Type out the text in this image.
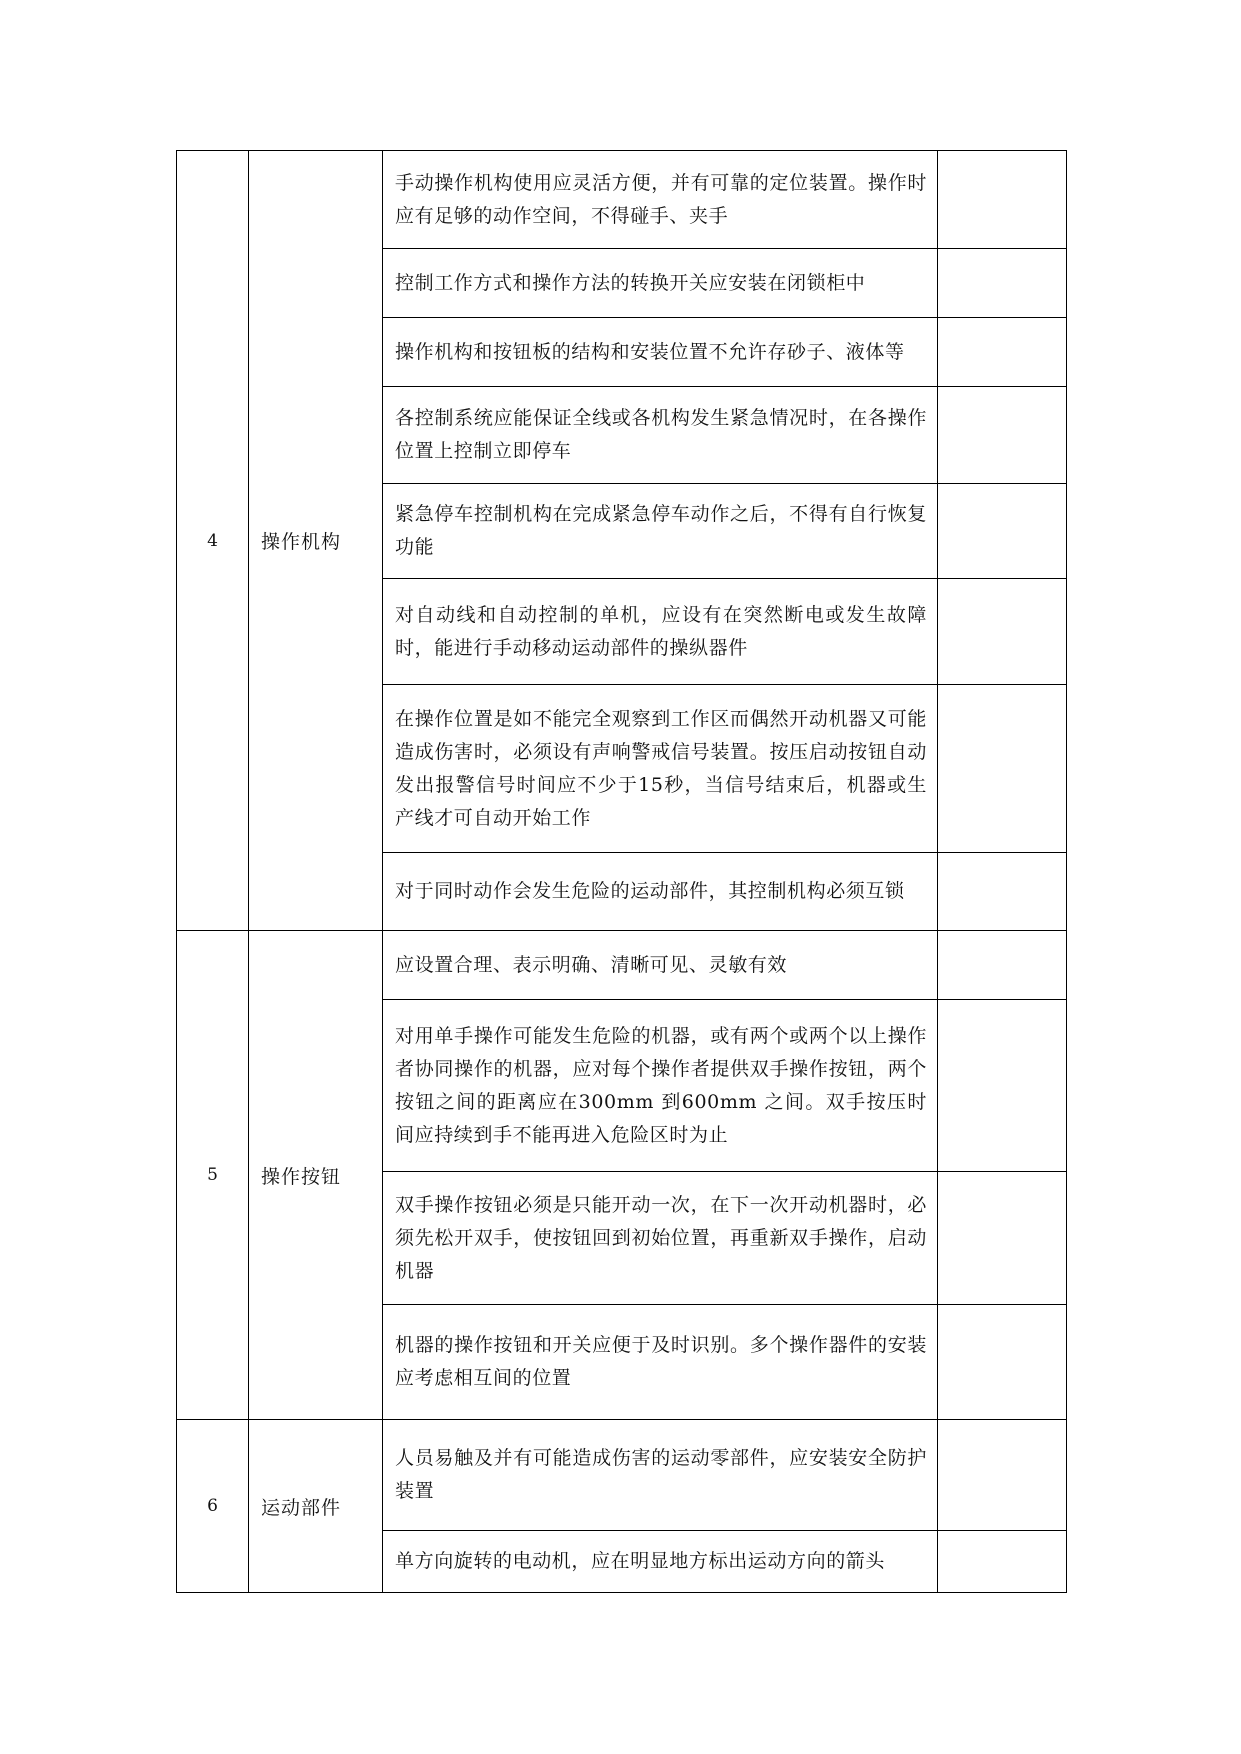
4	操作机构	手动操作机构使用应灵活方便，并有可靠的定位装置。操作时应有足够的动作空间，不得碰手、夹手	
		控制工作方式和操作方法的转换开关应安装在闭锁柜中	
		操作机构和按钮板的结构和安装位置不允许存砂子、液体等	
		各控制系统应能保证全线或各机构发生紧急情况时，在各操作位置上控制立即停车	
		紧急停车控制机构在完成紧急停车动作之后，不得有自行恢复功能	
		对自动线和自动控制的单机，应设有在突然断电或发生故障时，能进行手动移动运动部件的操纵器件	
		在操作位置是如不能完全观察到工作区而偶然开动机器又可能造成伤害时，必须设有声响警戒信号装置。按压启动按钮自动发出报警信号时间应不少于15秒，当信号结束后，机器或生产线才可自动开始工作	
		对于同时动作会发生危险的运动部件，其控制机构必须互锁	
5	操作按钮	应设置合理、表示明确、清晰可见、灵敏有效	
		对用单手操作可能发生危险的机器，或有两个或两个以上操作者协同操作的机器，应对每个操作者提供双手操作按钮，两个按钮之间的距离应在300mm 到600mm 之间。双手按压时间应持续到手不能再进入危险区时为止	
		双手操作按钮必须是只能开动一次，在下一次开动机器时，必须先松开双手，使按钮回到初始位置，再重新双手操作，启动机器	
		机器的操作按钮和开关应便于及时识别。多个操作器件的安装应考虑相互间的位置	
6	运动部件	人员易触及并有可能造成伤害的运动零部件，应安装安全防护装置	
		单方向旋转的电动机，应在明显地方标出运动方向的箭头	
